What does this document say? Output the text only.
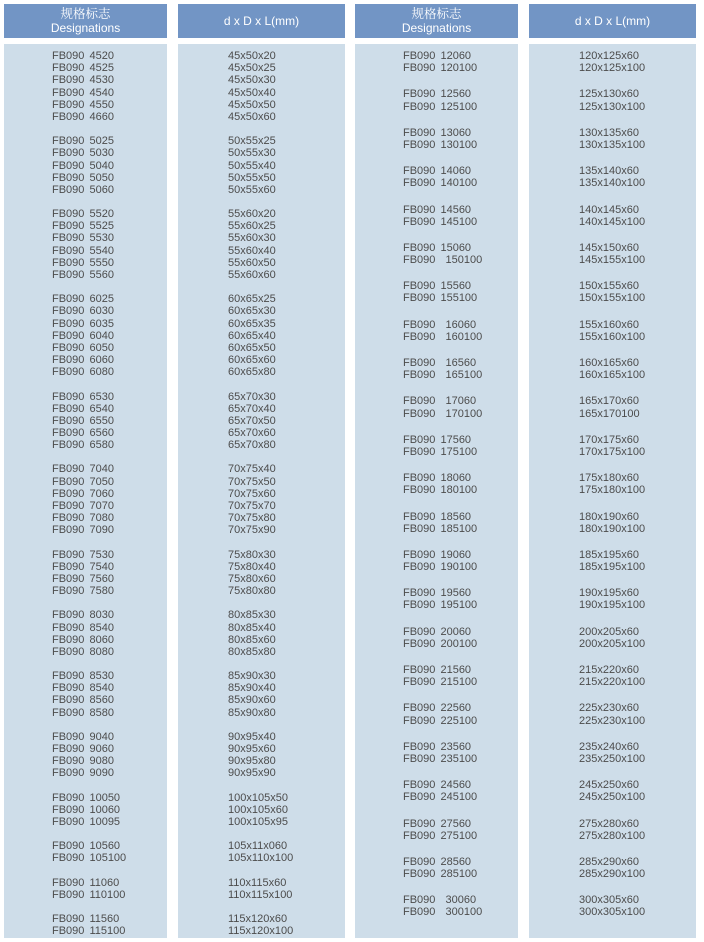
规格标志
Designations
FB090 4520
FB090 4525
FB090 4530
FB090 4540
FB090 4550
FB090 4660
FB090 5025
FB090 5030
FB090 5040
FB090 5050
FB090 5060
FB090 5520
FB090 5525
FB090 5530
FB090 5540
FB090 5550
FB090 5560
FB090 6025
FB090 6030
FB090 6035
FB090 6040
FB090 6050
FB090 6060
FB090 6080
FB090 6530
FB090 6540
FB090 6550
FB090 6560
FB090 6580
FB090 7040
FB090 7050
FB090 7060
FB090 7070
FB090 7080
FB090 7090
FB090 7530
FB090 7540
FB090 7560
FB090 7580
FB090 8030
FB090 8540
FB090 8060
FB090 8080
FB090 8530
FB090 8540
FB090 8560
FB090 8580
FB090 9040
FB090 9060
FB090 9080
FB090 9090
FB090 10050
FB090 10060
FB090 10095
FB090 10560
FB090 105100
FB090 11060
FB090 110100
FB090 11560
FB090 115100
d x D x L(mm)
45x50x20
45x50x25
45x50x30
45x50x40
45x50x50
45x50x60
50x55x25
50x55x30
50x55x40
50x55x50
50x55x60
55x60x20
55x60x25
55x60x30
55x60x40
55x60x50
55x60x60
60x65x25
60x65x30
60x65x35
60x65x40
60x65x50
60x65x60
60x65x80
65x70x30
65x70x40
65x70x50
65x70x60
65x70x80
70x75x40
70x75x50
70x75x60
70x75x70
70x75x80
70x75x90
75x80x30
75x80x40
75x80x60
75x80x80
80x85x30
80x85x40
80x85x60
80x85x80
85x90x30
85x90x40
85x90x60
85x90x80
90x95x40
90x95x60
90x95x80
90x95x90
100x105x50
100x105x60
100x105x95
105x11x060
105x110x100
110x115x60
110x115x100
115x120x60
115x120x100
规格标志
Designations
FB090 12060
FB090 120100
FB090 12560
FB090 125100
FB090 13060
FB090 130100
FB090 14060
FB090 140100
FB090 14560
FB090 145100
FB090 15060
FB090  150100
FB090 15560
FB090 155100
FB090  16060
FB090  160100
FB090  16560
FB090  165100
FB090  17060
FB090  170100
FB090 17560
FB090 175100
FB090 18060
FB090 180100
FB090 18560
FB090 185100
FB090 19060
FB090 190100
FB090 19560
FB090 195100
FB090 20060
FB090 200100
FB090 21560
FB090 215100
FB090 22560
FB090 225100
FB090 23560
FB090 235100
FB090 24560
FB090 245100
FB090 27560
FB090 275100
FB090 28560
FB090 285100
FB090  30060
FB090  300100
d x D x L(mm)
120x125x60
120x125x100
125x130x60
125x130x100
130x135x60
130x135x100
135x140x60
135x140x100
140x145x60
140x145x100
145x150x60
145x155x100
150x155x60
150x155x100
155x160x60
155x160x100
160x165x60
160x165x100
165x170x60
165x170100
170x175x60
170x175x100
175x180x60
175x180x100
180x190x60
180x190x100
185x195x60
185x195x100
190x195x60
190x195x100
200x205x60
200x205x100
215x220x60
215x220x100
225x230x60
225x230x100
235x240x60
235x250x100
245x250x60
245x250x100
275x280x60
275x280x100
285x290x60
285x290x100
300x305x60
300x305x100
